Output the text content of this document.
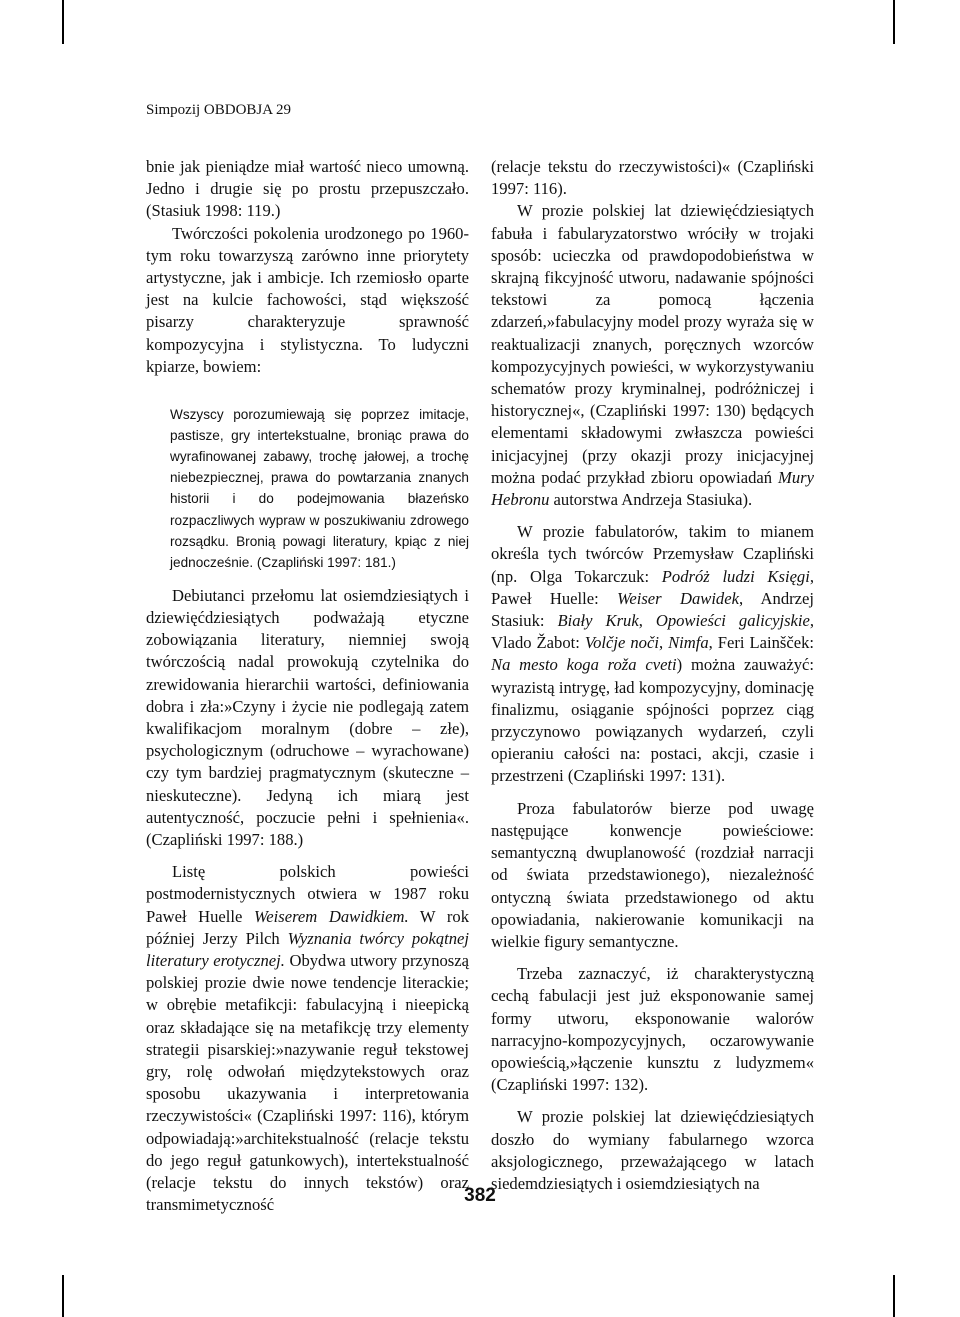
Simpozij OBDOBJA 29

bnie jak pieniądze miał wartość nieco umowną. Jedno i drugie się po prostu przepuszczało. (Stasiuk 1998: 119.)

Twórczości pokolenia urodzonego po 1960-tym roku towarzyszą zarówno inne priorytety artystyczne, jak i ambicje. Ich rzemiosło oparte jest na kulcie fachowości, stąd większość pisarzy charakteryzuje sprawność kompozycyjna i stylistyczna. To ludyczni kpiarze, bowiem:

Wszyscy porozumiewają się poprzez imitacje, pastisze, gry intertekstualne, broniąc prawa do wyrafinowanej zabawy, trochę jałowej, a trochę niebezpiecznej, prawa do powtarzania znanych historii i do podejmowania błazeńsko rozpaczliwych wypraw w poszukiwaniu zdrowego rozsądku. Bronią powagi literatury, kpiąc z niej jednocześnie. (Czapliński 1997: 181.)

Debiutanci przełomu lat osiemdziesiątych i dziewięćdziesiątych podważają etyczne zobowiązania literatury, niemniej swoją twórczością nadal prowokują czytelnika do zrewidowania hierarchii wartości, definiowania dobra i zła:»Czyny i życie nie podlegają zatem kwalifikacjom moralnym (dobre – złe), psychologicznym (odruchowe – wyrachowane) czy tym bardziej pragmatycznym (skuteczne – nieskuteczne). Jedyną ich miarą jest autentyczność, poczucie pełni i spełnienia«. (Czapliński 1997: 188.)

Listę polskich powieści postmodernistycznych otwiera w 1987 roku Paweł Huelle Weiserem Dawidkiem. W rok później Jerzy Pilch Wyznania twórcy pokątnej literatury erotycznej. Obydwa utwory przynoszą polskiej prozie dwie nowe tendencje literackie; w obrębie metafikcji: fabulacyjną i nieepicką oraz składające się na metafikcję trzy elementy strategii pisarskiej:»nazywanie reguł tekstowej gry, rolę odwołań międzytekstowych oraz sposobu ukazywania i interpretowania rzeczywistości« (Czapliński 1997: 116), którym odpowiadają:»architekstualność (relacje tekstu do jego reguł gatunkowych), intertekstualność (relacje tekstu do innych tekstów) oraz transmimetyczność

(relacje tekstu do rzeczywistości)« (Czapliński 1997: 116).

W prozie polskiej lat dziewięćdziesiątych fabuła i fabularyzatorstwo wróciły w trojaki sposób: ucieczka od prawdopodobieństwa w skrajną fikcyjność utworu, nadawanie spójności tekstowi za pomocą łączenia zdarzeń,»fabulacyjny model prozy wyraża się w reaktualizacji znanych, poręcznych wzorców kompozycyjnych powieści, w wykorzystywaniu schematów prozy kryminalnej, podróżniczej i historycznej«, (Czapliński 1997: 130) będących elementami składowymi zwłaszcza powieści inicjacyjnej (przy okazji prozy inicjacyjnej można podać przykład zbioru opowiadań Mury Hebronu autorstwa Andrzeja Stasiuka).

W prozie fabulatorów, takim to mianem określa tych twórców Przemysław Czapliński (np. Olga Tokarczuk: Podróż ludzi Księgi, Paweł Huelle: Weiser Dawidek, Andrzej Stasiuk: Biały Kruk, Opowieści galicyjskie, Vlado Žabot: Volčje noči, Nimfa, Feri Lainšček: Na mesto koga roža cveti) można zauważyć: wyrazistą intrygę, ład kompozycyjny, dominację finalizmu, osiąganie spójności poprzez ciąg przyczynowo powiązanych wydarzeń, czyli opieraniu całości na: postaci, akcji, czasie i przestrzeni (Czapliński 1997: 131).

Proza fabulatorów bierze pod uwagę następujące konwencje powieściowe: semantyczną dwuplanowość (rozdział narracji od świata przedstawionego), niezależność ontyczną świata przedstawionego od aktu opowiadania, nakierowanie komunikacji na wielkie figury semantyczne.

Trzeba zaznaczyć, iż charakterystyczną cechą fabulacji jest już eksponowanie samej formy utworu, eksponowanie walorów narracyjno-kompozycyjnych, oczarowywanie opowieścią,»łączenie kunsztu z ludyzmem« (Czapliński 1997: 132).

W prozie polskiej lat dziewięćdziesiątych doszło do wymiany fabularnego wzorca aksjologicznego, przeważającego w latach siedemdziesiątych i osiemdziesiątych na

382
